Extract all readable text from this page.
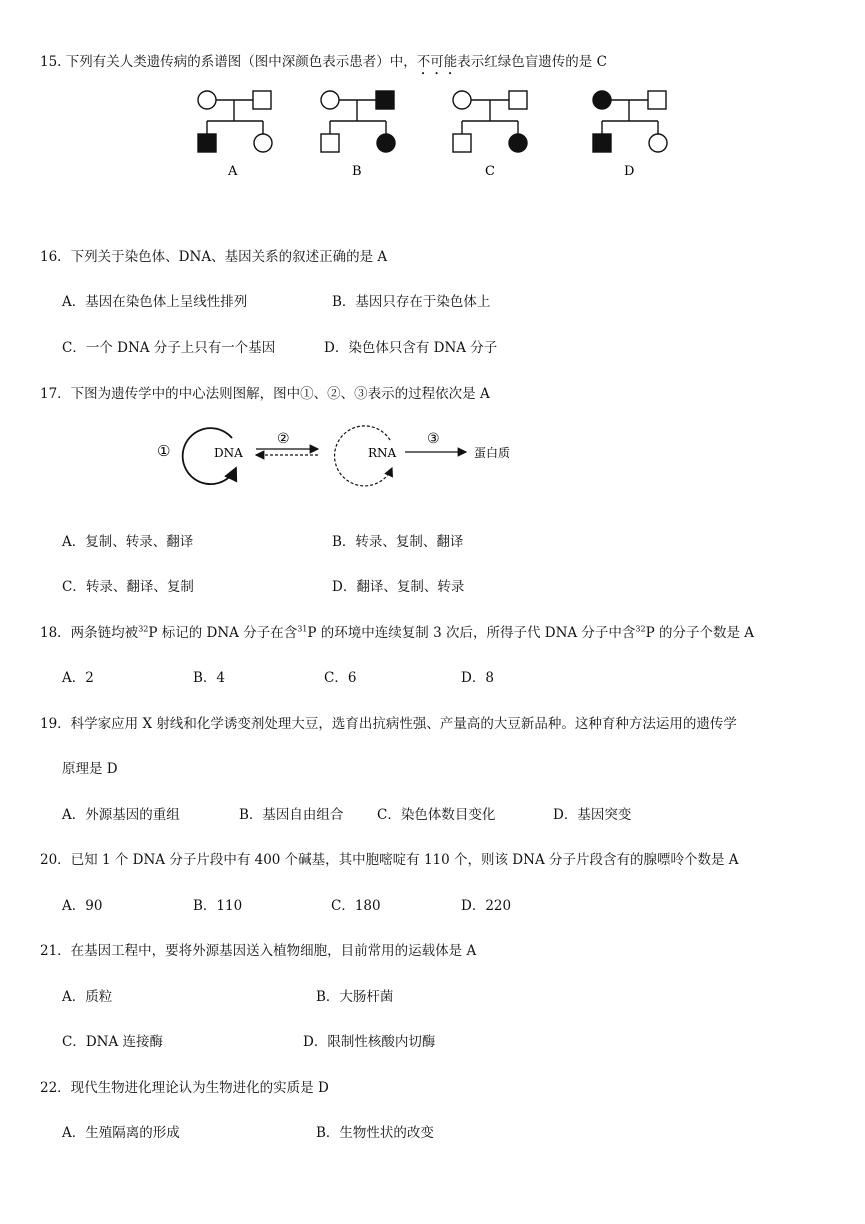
15. 下列有关人类遗传病的系谱图（图中深颜色表示患者）中，不可能表示红绿色盲遗传的是 C
A	B	C	D
16．下列关于染色体、DNA、基因关系的叙述正确的是 A
A．基因在染色体上呈线性排列	B．基因只存在于染色体上
C．一个 DNA 分子上只有一个基因	D．染色体只含有 DNA 分子
17．下图为遗传学中的中心法则图解，图中①、②、③表示的过程依次是 A
①	DNA
②
RNA
③
蛋白质
A．复制、转录、翻译	B．转录、复制、翻译
C．转录、翻译、复制	D．翻译、复制、转录
18．两条链均被$^{32}$P 标记的 DNA 分子在含$^{31}$P 的环境中连续复制 3 次后，所得子代 DNA 分子中含$^{32}$P 的分子个数是 A
A．2	B．4	C．6	D．8
19．科学家应用 X 射线和化学诱变剂处理大豆，选育出抗病性强、产量高的大豆新品种。这种育种方法运用的遗传学
原理是 D
A．外源基因的重组	B．基因自由组合 C．染色体数目变化	D．基因突变
20．已知 1 个 DNA 分子片段中有 400 个碱基，其中胞嘧啶有 110 个，则该 DNA 分子片段含有的腺嘌呤个数是 A
A．90	B．110	C．180	D．220
21．在基因工程中，要将外源基因送入植物细胞，目前常用的运载体是 A
A．质粒	B．大肠杆菌
C．DNA 连接酶	D．限制性核酸内切酶
22．现代生物进化理论认为生物进化的实质是 D
A．生殖隔离的形成	B．生物性状的改变
